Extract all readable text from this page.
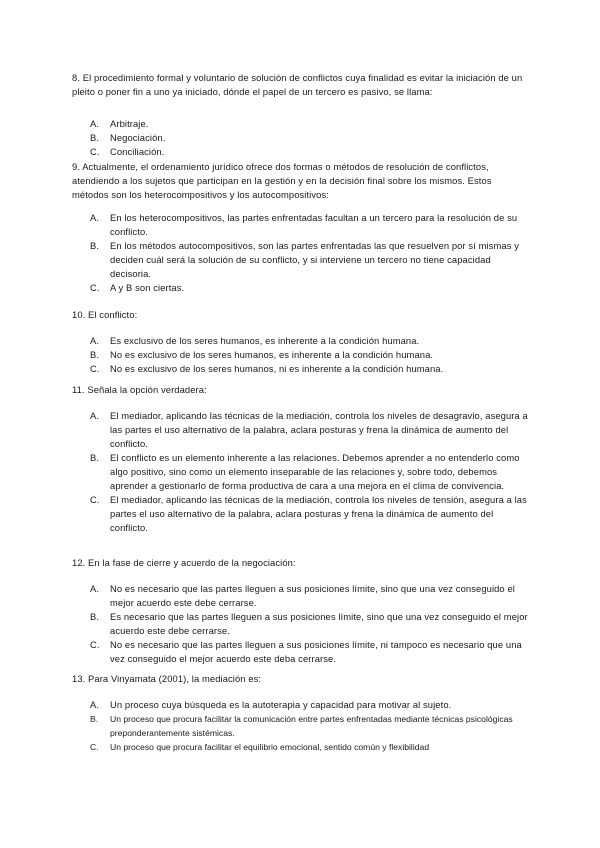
8. El procedimiento formal y voluntario de solución de conflictos cuya finalidad es evitar la iniciación de un pleito o poner fin a uno ya iniciado, dónde el papel de un tercero es pasivo, se llama:

A. Arbitraje.
B. Negociación.
C. Conciliación.

9. Actualmente, el ordenamiento jurídico ofrece dos formas o métodos de resolución de conflictos, atendiendo a los sujetos que participan en la gestión y en la decisión final sobre los mismos. Estos métodos son los heterocompositivos y los autocompositivos:

A. En los heterocompositivos, las partes enfrentadas facultan a un tercero para la resolución de su conflicto.
B. En los métodos autocompositivos, son las partes enfrentadas las que resuelven por sí mismas y deciden cuál será la solución de su conflicto, y si interviene un tercero no tiene capacidad decisoria.
C. A y B son ciertas.

10. El conflicto:

A. Es exclusivo de los seres humanos, es inherente a la condición humana.
B. No es exclusivo de los seres humanos, es inherente a la condición humana.
C. No es exclusivo de los seres humanos, ni es inherente a la condición humana.

11. Señala la opción verdadera:

A. El mediador, aplicando las técnicas de la mediación, controla los niveles de desagravio, asegura a las partes el uso alternativo de la palabra, aclara posturas y frena la dinámica de aumento del conflicto.
B. El conflicto es un elemento inherente a las relaciones. Debemos aprender a no entenderlo como algo positivo, sino como un elemento inseparable de las relaciones y, sobre todo, debemos aprender a gestionarlo de forma productiva de cara a una mejora en el clima de convivencia.
C. El mediador, aplicando las técnicas de la mediación, controla los niveles de tensión, asegura a las partes el uso alternativo de la palabra, aclara posturas y frena la dinámica de aumento del conflicto.

12. En la fase de cierre y acuerdo de la negociación:

A. No es necesario que las partes lleguen a sus posiciones límite, sino que una vez conseguido el mejor acuerdo este debe cerrarse.
B. Es necesario que las partes lleguen a sus posiciones límite, sino que una vez conseguido el mejor acuerdo este debe cerrarse.
C. No es necesario que las partes lleguen a sus posiciones límite, ni tampoco es necesario que una vez conseguido el mejor acuerdo este deba cerrarse.

13. Para Vinyamata (2001), la mediación es:

A. Un proceso cuya búsqueda es la autoterapia y capacidad para motivar al sujeto.
B. Un proceso que procura facilitar la comunicación entre partes enfrentadas mediante técnicas psicológicas preponderantemente sistémicas.
C. Un proceso que procura facilitar el equilibrio emocional, sentido común y flexibilidad
